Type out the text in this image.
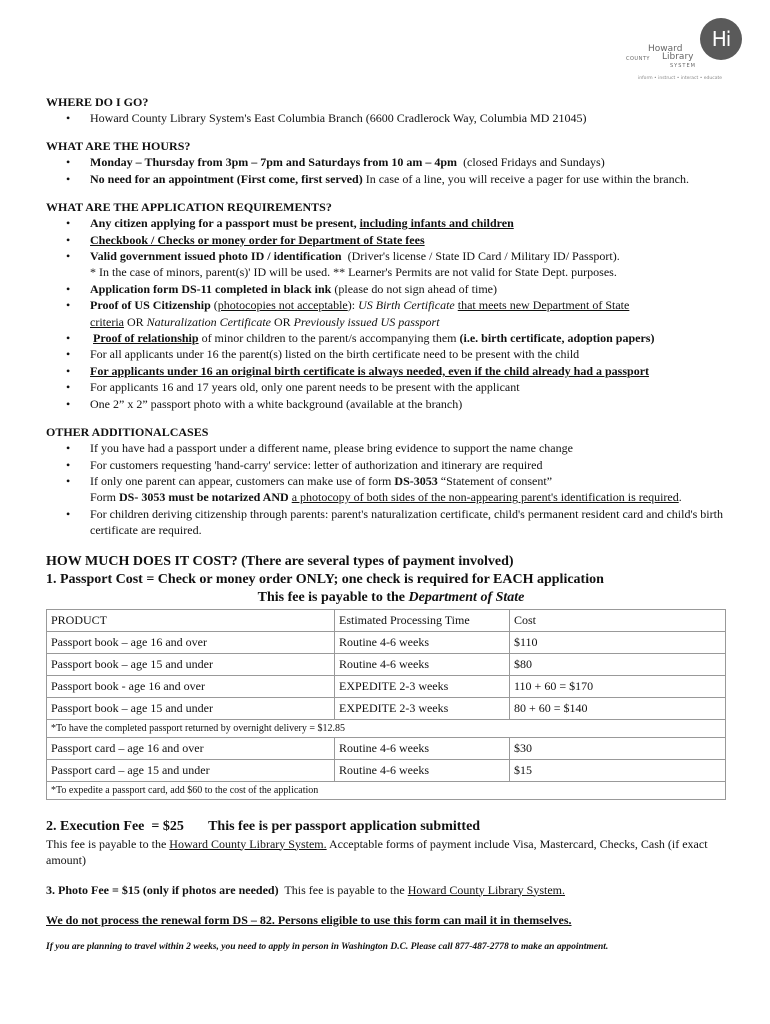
Hi
Howard
COUNTY Library
SYSTEM
inform • instruct • interact • educate

WHERE DO I GO?

• Howard County Library System's East Columbia Branch (6600 Cradlerock Way, Columbia MD 21045)

WHAT ARE THE HOURS?

• Monday – Thursday from 3pm – 7pm and Saturdays from 10 am – 4pm (closed Fridays and Sundays)
• No need for an appointment (First come, first served) In case of a line, you will receive a pager for use within the branch.

WHAT ARE THE APPLICATION REQUIREMENTS?

• Any citizen applying for a passport must be present, including infants and children
• Checkbook / Checks or money order for Department of State fees
• Valid government issued photo ID / identification (Driver's license / State ID Card / Military ID/ Passport).
* In the case of minors, parent(s)' ID will be used. ** Learner's Permits are not valid for State Dept. purposes.
• Application form DS-11 completed in black ink (please do not sign ahead of time)
• Proof of US Citizenship (photocopies not acceptable): US Birth Certificate that meets new Department of State
criteria OR Naturalization Certificate OR Previously issued US passport
• Proof of relationship of minor children to the parent/s accompanying them (i.e. birth certificate, adoption papers)
• For all applicants under 16 the parent(s) listed on the birth certificate need to be present with the child
• For applicants under 16 an original birth certificate is always needed, even if the child already had a passport
• For applicants 16 and 17 years old, only one parent needs to be present with the applicant
• One 2” x 2” passport photo with a white background (available at the branch)

OTHER ADDITIONALCASES

• If you have had a passport under a different name, please bring evidence to support the name change
• For customers requesting 'hand-carry' service: letter of authorization and itinerary are required
• If only one parent can appear, customers can make use of form DS-3053 “Statement of consent”
Form DS- 3053 must be notarized AND a photocopy of both sides of the non-appearing parent's identification is required.
• For children deriving citizenship through parents: parent's naturalization certificate, child's permanent resident card and child's birth certificate are required.

HOW MUCH DOES IT COST? (There are several types of payment involved)

1. Passport Cost = Check or money order ONLY; one check is required for EACH application

This fee is payable to the Department of State

PRODUCT	Estimated Processing Time	Cost
Passport book – age 16 and over	Routine 4-6 weeks	$110
Passport book – age 15 and under	Routine 4-6 weeks	$80
Passport book - age 16 and over	EXPEDITE 2-3 weeks	110 + 60 = $170
Passport book – age 15 and under	EXPEDITE 2-3 weeks	80 + 60 = $140
*To have the completed passport returned by overnight delivery = $12.85		
Passport card – age 16 and over	Routine 4-6 weeks	$30
Passport card – age 15 and under	Routine 4-6 weeks	$15
*To expedite a passport card, add $60 to the cost of the application		

2. Execution Fee  = $25       This fee is per passport application submitted

This fee is payable to the Howard County Library System. Acceptable forms of payment include Visa, Mastercard, Checks, Cash (if exact amount)

3. Photo Fee = $15 (only if photos are needed) This fee is payable to the Howard County Library System.

We do not process the renewal form DS – 82. Persons eligible to use this form can mail it in themselves.

If you are planning to travel within 2 weeks, you need to apply in person in Washington D.C. Please call 877-487-2778 to make an appointment.
